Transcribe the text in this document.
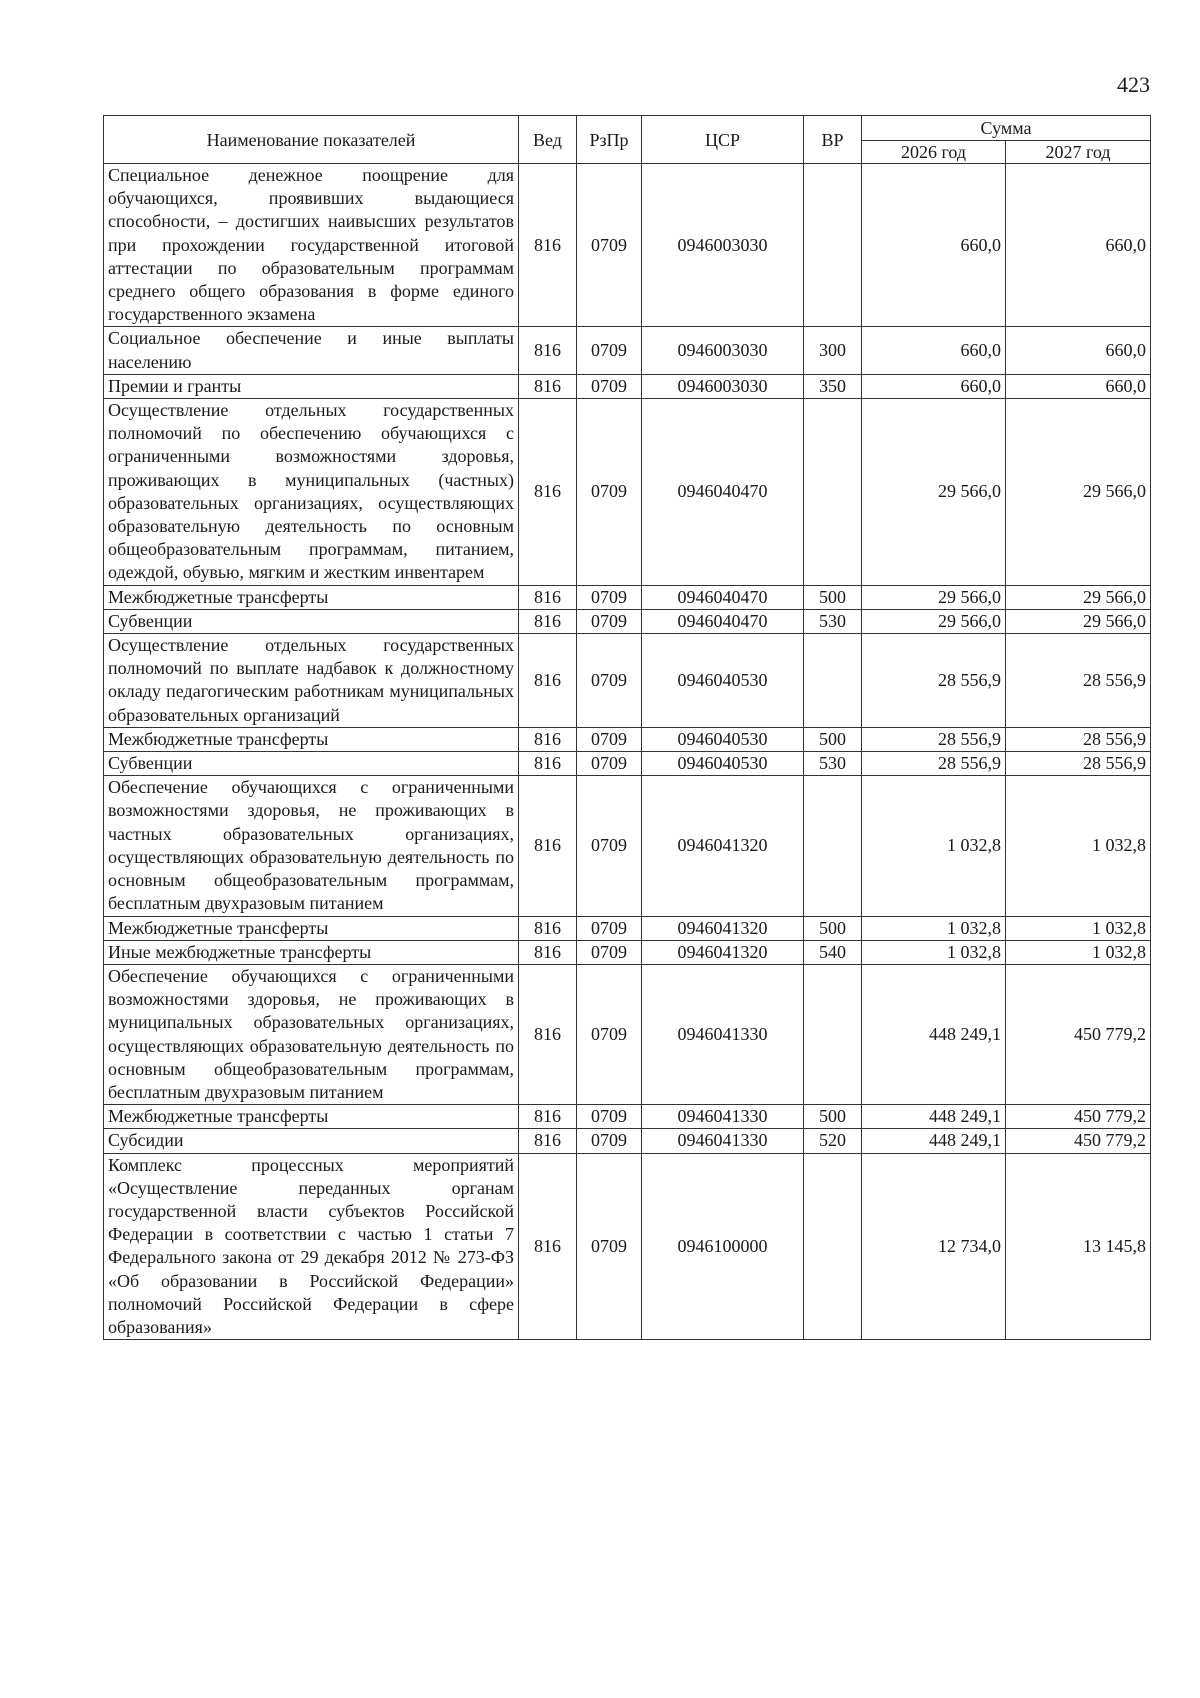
423
Наименование показателей	Вед	РзПр	ЦСР	ВР	Сумма	
					2026 год	2027 год
Специальное денежное поощрение для обучающихся, проявивших выдающиеся способности, – достигших наивысших результатов при прохождении государственной итоговой аттестации по образовательным программам среднего общего образования в форме единого государственного экзамена	816	0709	0946003030		660,0	660,0
Социальное обеспечение и иные выплаты населению	816	0709	0946003030	300	660,0	660,0
Премии и гранты	816	0709	0946003030	350	660,0	660,0
Осуществление отдельных государственных полномочий по обеспечению обучающихся с ограниченными возможностями здоровья, проживающих в муниципальных (частных) образовательных организациях, осуществляющих образовательную деятельность по основным общеобразовательным программам, питанием, одеждой, обувью, мягким и жестким инвентарем	816	0709	0946040470		29 566,0	29 566,0
Межбюджетные трансферты	816	0709	0946040470	500	29 566,0	29 566,0
Субвенции	816	0709	0946040470	530	29 566,0	29 566,0
Осуществление отдельных государственных полномочий по выплате надбавок к должностному окладу педагогическим работникам муниципальных образовательных организаций	816	0709	0946040530		28 556,9	28 556,9
Межбюджетные трансферты	816	0709	0946040530	500	28 556,9	28 556,9
Субвенции	816	0709	0946040530	530	28 556,9	28 556,9
Обеспечение обучающихся с ограниченными возможностями здоровья, не проживающих в частных образовательных организациях, осуществляющих образовательную деятельность по основным общеобразовательным программам, бесплатным двухразовым питанием	816	0709	0946041320		1 032,8	1 032,8
Межбюджетные трансферты	816	0709	0946041320	500	1 032,8	1 032,8
Иные межбюджетные трансферты	816	0709	0946041320	540	1 032,8	1 032,8
Обеспечение обучающихся с ограниченными возможностями здоровья, не проживающих в муниципальных образовательных организациях, осуществляющих образовательную деятельность по основным общеобразовательным программам, бесплатным двухразовым питанием	816	0709	0946041330		448 249,1	450 779,2
Межбюджетные трансферты	816	0709	0946041330	500	448 249,1	450 779,2
Субсидии	816	0709	0946041330	520	448 249,1	450 779,2
Комплекс процессных мероприятий «Осуществление переданных органам государственной власти субъектов Российской Федерации в соответствии с частью 1 статьи 7 Федерального закона от 29 декабря 2012 № 273-ФЗ «Об образовании в Российской Федерации» полномочий Российской Федерации в сфере образования»	816	0709	0946100000		12 734,0	13 145,8
